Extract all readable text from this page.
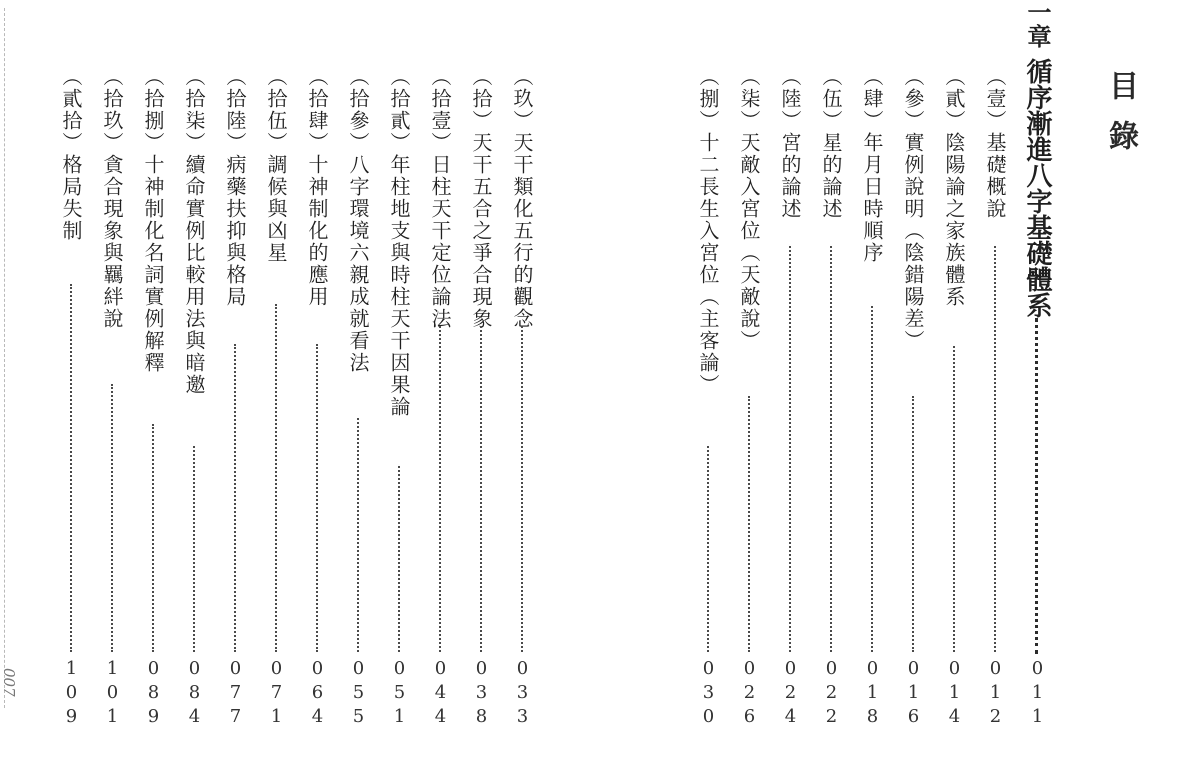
007
（玖）天干類化五行的觀念
033
（拾）天干五合之爭合現象
038
（拾壹）日柱天干定位論法
044
（拾貳）年柱地支與時柱天干因果論
051
（拾參）八字環境六親成就看法
055
（拾肆）十神制化的應用
064
（拾伍）調候與凶星
071
（拾陸）病藥扶抑與格局
077
（拾柒）續命實例比較用法與暗邀
084
（拾捌）十神制化名詞實例解釋
089
（拾玖）貪合現象與羈絆說
101
（貳拾）格局失制
109
（壹）基礎概說
012
（貳）陰陽論之家族體系
014
（參）實例說明（陰錯陽差）
016
（肆）年月日時順序
018
（伍）星的論述
022
（陸）宮的論述
024
（柒）天敵入宮位（天敵說）
026
（捌）十二長生入宮位（主客論）
030
一章
循序漸進八字基礎體系
011
目錄
